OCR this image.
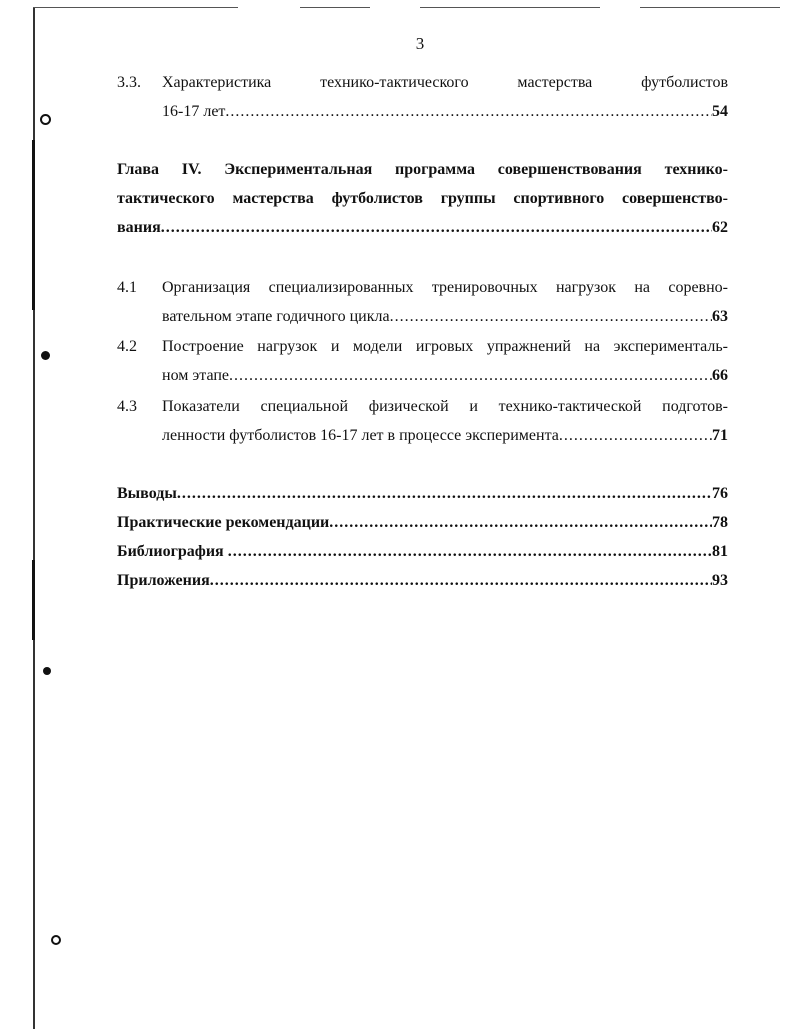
3
3.3.	Характеристика технико-тактического мастерства футболистов
16-17 лет .....	54
Глава IV. Экспериментальная программа совершенствования технико-
тактического мастерства футболистов группы спортивного совершенство-
вания .....	62
4.1	Организация специализированных тренировочных нагрузок на соревно-
вательном этапе годичного цикла .....	63
4.2	Построение нагрузок и модели игровых упражнений на эксперименталь-
ном этапе .....	66
4.3	Показатели специальной физической и технико-тактической подготов-
ленности футболистов 16-17 лет в процессе эксперимента .....	71
Выводы .....	76
Практические рекомендации .....	78
Библиография .....	81
Приложения .....	93
